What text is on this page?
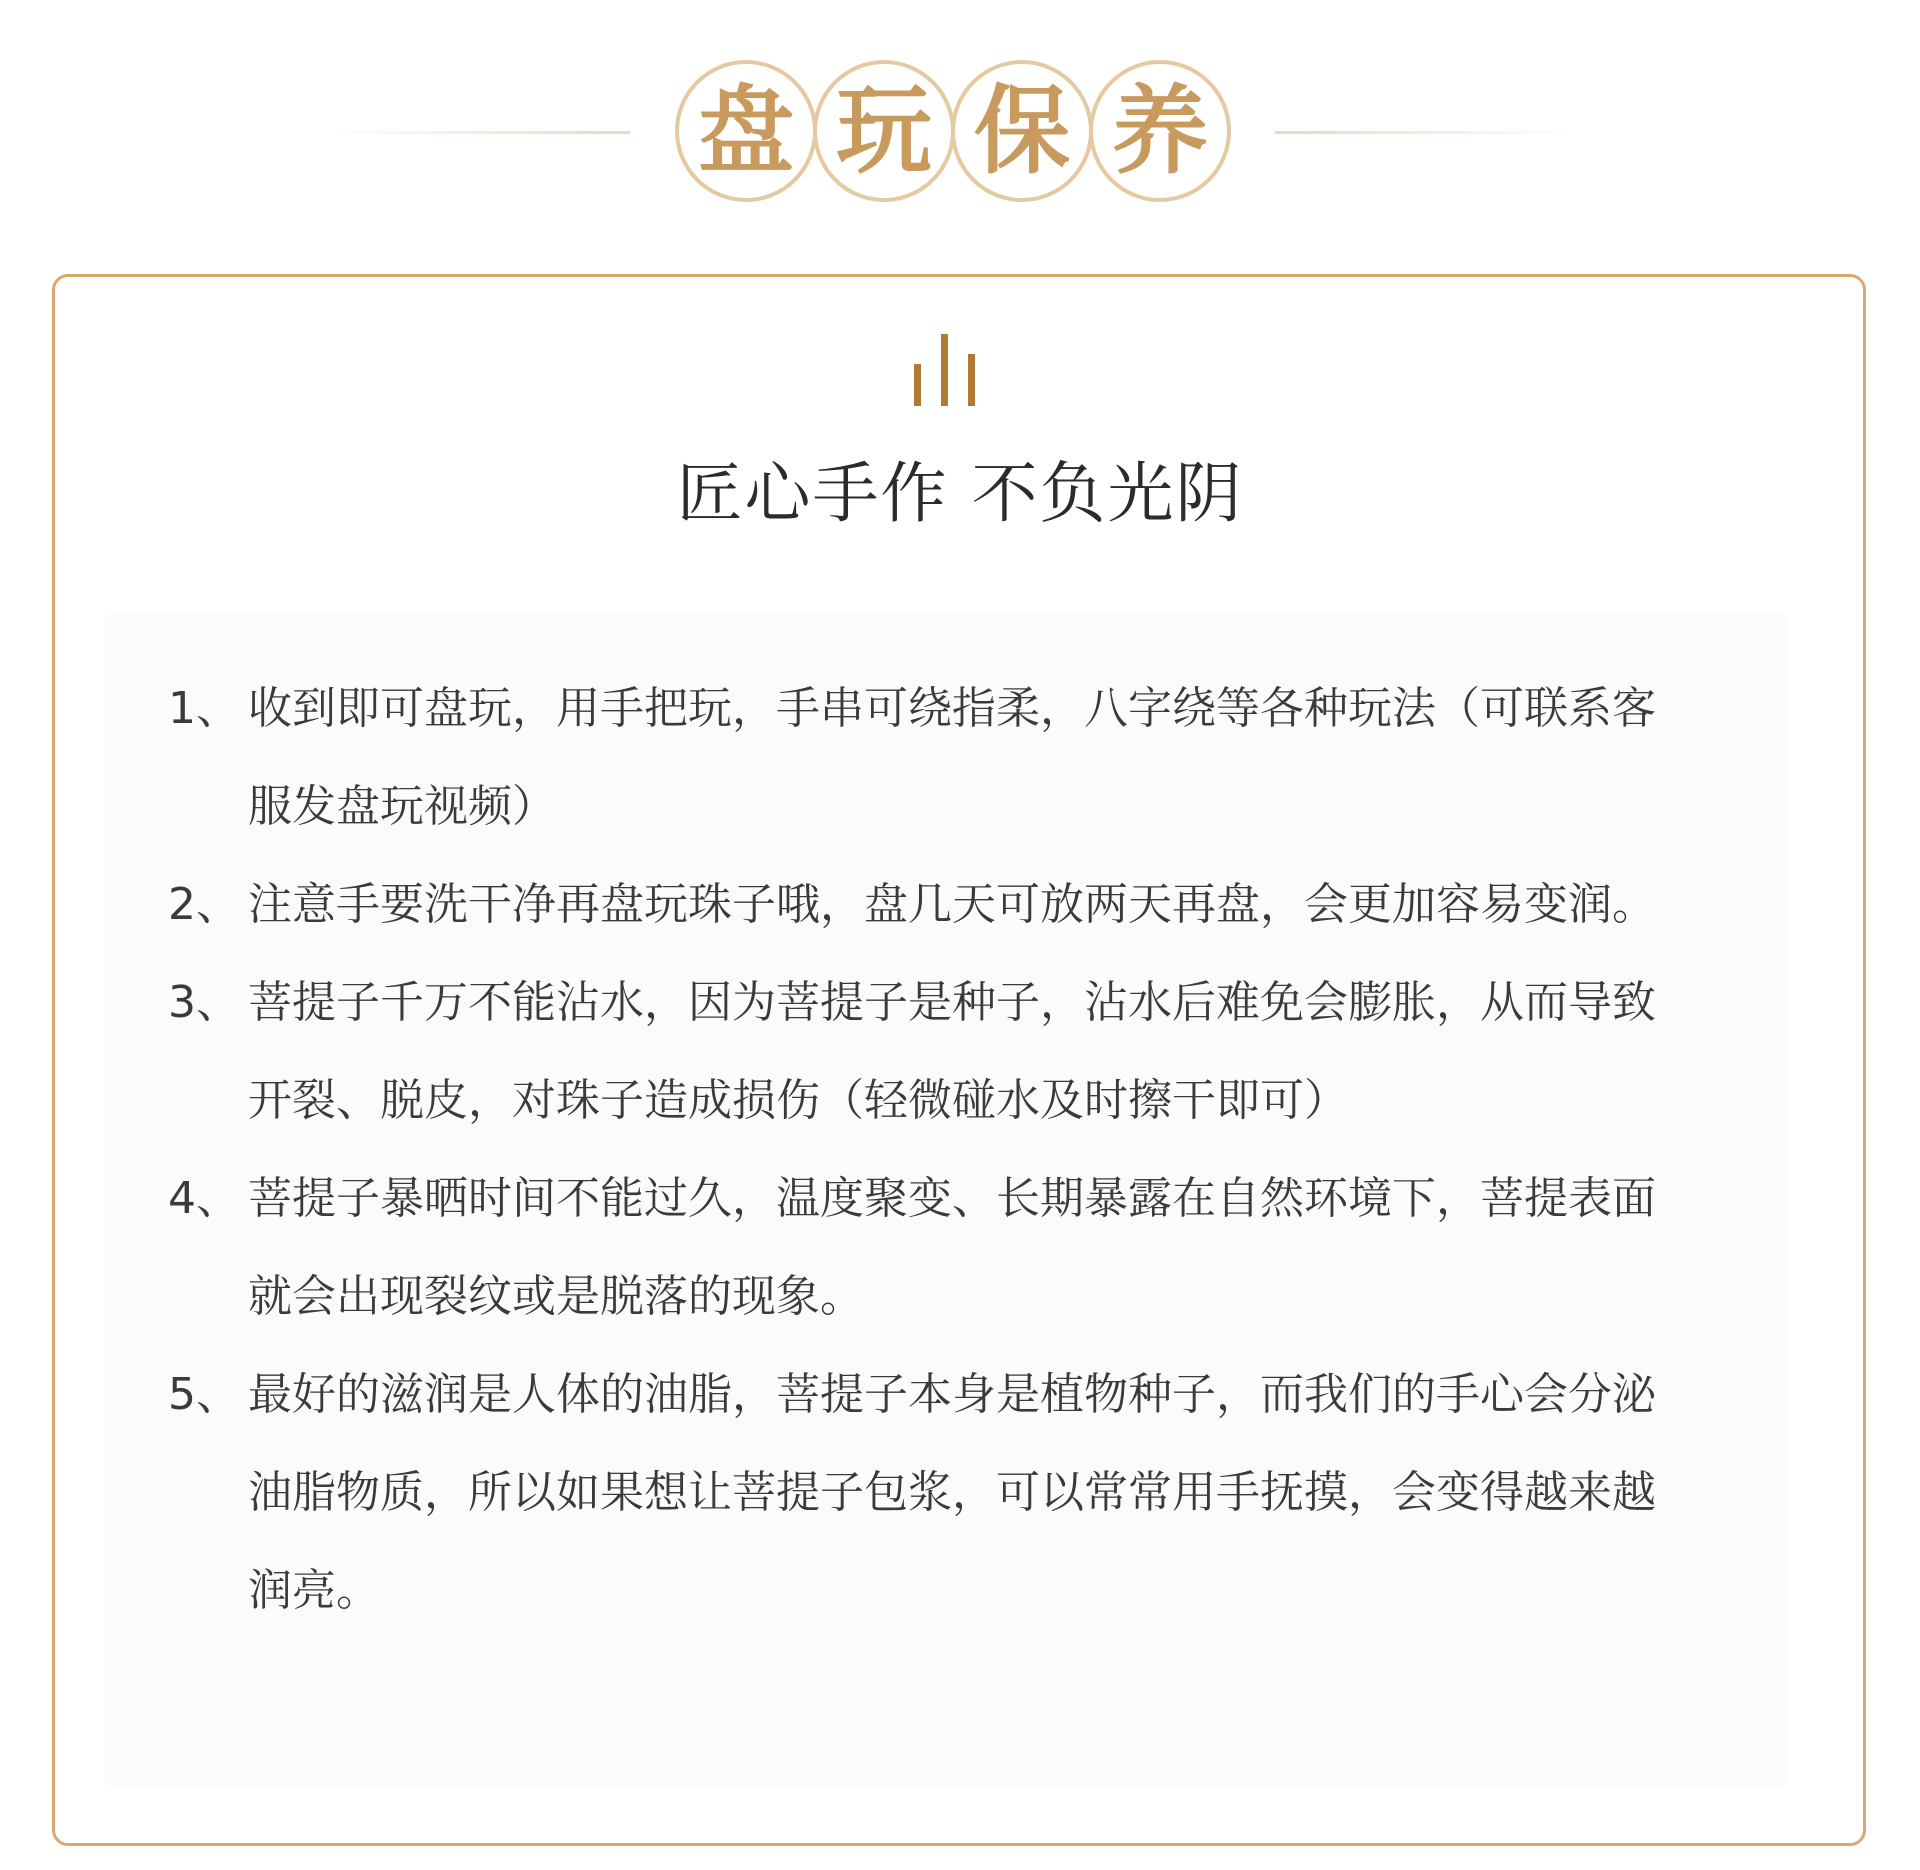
盘 玩 保 养
匠心手作 不负光阴
1、 收到即可盘玩，用手把玩，手串可绕指柔，八字绕等各种玩法（可联系客服发盘玩视频）
2、 注意手要洗干净再盘玩珠子哦，盘几天可放两天再盘，会更加容易变润。
3、 菩提子千万不能沾水，因为菩提子是种子，沾水后难免会膨胀，从而导致开裂、脱皮，对珠子造成损伤（轻微碰水及时擦干即可）
4、 菩提子暴晒时间不能过久，温度聚变、长期暴露在自然环境下，菩提表面就会出现裂纹或是脱落的现象。
5、 最好的滋润是人体的油脂，菩提子本身是植物种子，而我们的手心会分泌油脂物质，所以如果想让菩提子包浆，可以常常用手抚摸，会变得越来越润亮。
